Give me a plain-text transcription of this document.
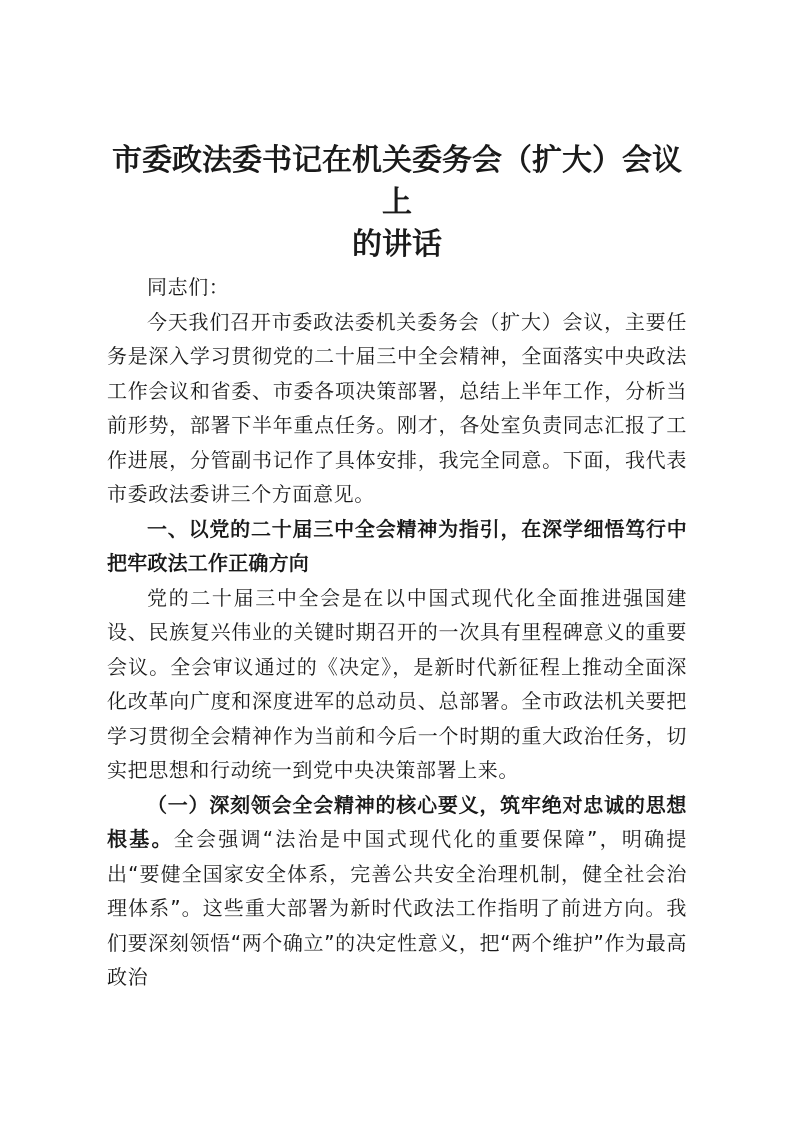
市委政法委书记在机关委务会（扩大）会议上
的讲话

同志们：

今天我们召开市委政法委机关委务会（扩大）会议，主要任务是深入学习贯彻党的二十届三中全会精神，全面落实中央政法工作会议和省委、市委各项决策部署，总结上半年工作，分析当前形势，部署下半年重点任务。刚才，各处室负责同志汇报了工作进展，分管副书记作了具体安排，我完全同意。下面，我代表市委政法委讲三个方面意见。

一、以党的二十届三中全会精神为指引，在深学细悟笃行中把牢政法工作正确方向

党的二十届三中全会是在以中国式现代化全面推进强国建设、民族复兴伟业的关键时期召开的一次具有里程碑意义的重要会议。全会审议通过的《决定》，是新时代新征程上推动全面深化改革向广度和深度进军的总动员、总部署。全市政法机关要把学习贯彻全会精神作为当前和今后一个时期的重大政治任务，切实把思想和行动统一到党中央决策部署上来。

（一）深刻领会全会精神的核心要义，筑牢绝对忠诚的思想根基。全会强调“法治是中国式现代化的重要保障”，明确提出“要健全国家安全体系，完善公共安全治理机制，健全社会治理体系”。这些重大部署为新时代政法工作指明了前进方向。我们要深刻领悟“两个确立”的决定性意义，把“两个维护”作为最高政治
